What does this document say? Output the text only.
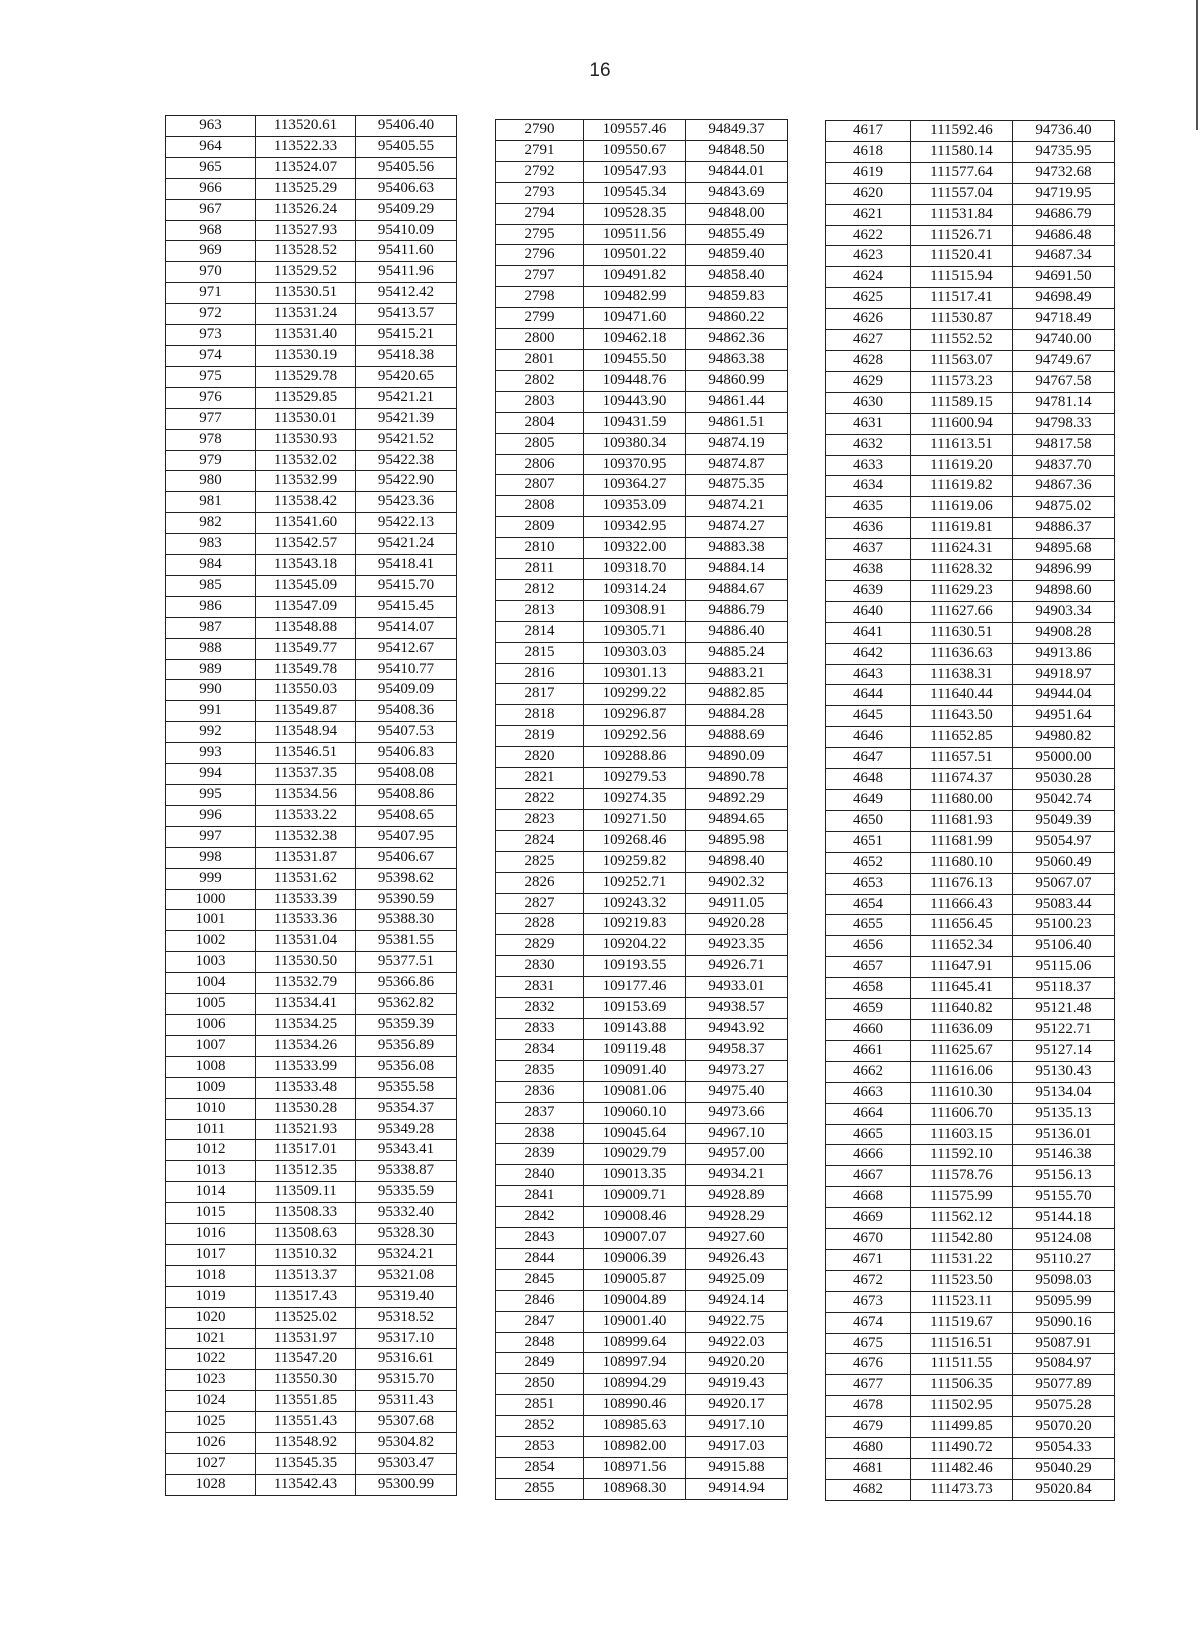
16
963	113520.61	95406.40
964	113522.33	95405.55
965	113524.07	95405.56
966	113525.29	95406.63
967	113526.24	95409.29
968	113527.93	95410.09
969	113528.52	95411.60
970	113529.52	95411.96
971	113530.51	95412.42
972	113531.24	95413.57
973	113531.40	95415.21
974	113530.19	95418.38
975	113529.78	95420.65
976	113529.85	95421.21
977	113530.01	95421.39
978	113530.93	95421.52
979	113532.02	95422.38
980	113532.99	95422.90
981	113538.42	95423.36
982	113541.60	95422.13
983	113542.57	95421.24
984	113543.18	95418.41
985	113545.09	95415.70
986	113547.09	95415.45
987	113548.88	95414.07
988	113549.77	95412.67
989	113549.78	95410.77
990	113550.03	95409.09
991	113549.87	95408.36
992	113548.94	95407.53
993	113546.51	95406.83
994	113537.35	95408.08
995	113534.56	95408.86
996	113533.22	95408.65
997	113532.38	95407.95
998	113531.87	95406.67
999	113531.62	95398.62
1000	113533.39	95390.59
1001	113533.36	95388.30
1002	113531.04	95381.55
1003	113530.50	95377.51
1004	113532.79	95366.86
1005	113534.41	95362.82
1006	113534.25	95359.39
1007	113534.26	95356.89
1008	113533.99	95356.08
1009	113533.48	95355.58
1010	113530.28	95354.37
1011	113521.93	95349.28
1012	113517.01	95343.41
1013	113512.35	95338.87
1014	113509.11	95335.59
1015	113508.33	95332.40
1016	113508.63	95328.30
1017	113510.32	95324.21
1018	113513.37	95321.08
1019	113517.43	95319.40
1020	113525.02	95318.52
1021	113531.97	95317.10
1022	113547.20	95316.61
1023	113550.30	95315.70
1024	113551.85	95311.43
1025	113551.43	95307.68
1026	113548.92	95304.82
1027	113545.35	95303.47
1028	113542.43	95300.99
2790	109557.46	94849.37
2791	109550.67	94848.50
2792	109547.93	94844.01
2793	109545.34	94843.69
2794	109528.35	94848.00
2795	109511.56	94855.49
2796	109501.22	94859.40
2797	109491.82	94858.40
2798	109482.99	94859.83
2799	109471.60	94860.22
2800	109462.18	94862.36
2801	109455.50	94863.38
2802	109448.76	94860.99
2803	109443.90	94861.44
2804	109431.59	94861.51
2805	109380.34	94874.19
2806	109370.95	94874.87
2807	109364.27	94875.35
2808	109353.09	94874.21
2809	109342.95	94874.27
2810	109322.00	94883.38
2811	109318.70	94884.14
2812	109314.24	94884.67
2813	109308.91	94886.79
2814	109305.71	94886.40
2815	109303.03	94885.24
2816	109301.13	94883.21
2817	109299.22	94882.85
2818	109296.87	94884.28
2819	109292.56	94888.69
2820	109288.86	94890.09
2821	109279.53	94890.78
2822	109274.35	94892.29
2823	109271.50	94894.65
2824	109268.46	94895.98
2825	109259.82	94898.40
2826	109252.71	94902.32
2827	109243.32	94911.05
2828	109219.83	94920.28
2829	109204.22	94923.35
2830	109193.55	94926.71
2831	109177.46	94933.01
2832	109153.69	94938.57
2833	109143.88	94943.92
2834	109119.48	94958.37
2835	109091.40	94973.27
2836	109081.06	94975.40
2837	109060.10	94973.66
2838	109045.64	94967.10
2839	109029.79	94957.00
2840	109013.35	94934.21
2841	109009.71	94928.89
2842	109008.46	94928.29
2843	109007.07	94927.60
2844	109006.39	94926.43
2845	109005.87	94925.09
2846	109004.89	94924.14
2847	109001.40	94922.75
2848	108999.64	94922.03
2849	108997.94	94920.20
2850	108994.29	94919.43
2851	108990.46	94920.17
2852	108985.63	94917.10
2853	108982.00	94917.03
2854	108971.56	94915.88
2855	108968.30	94914.94
4617	111592.46	94736.40
4618	111580.14	94735.95
4619	111577.64	94732.68
4620	111557.04	94719.95
4621	111531.84	94686.79
4622	111526.71	94686.48
4623	111520.41	94687.34
4624	111515.94	94691.50
4625	111517.41	94698.49
4626	111530.87	94718.49
4627	111552.52	94740.00
4628	111563.07	94749.67
4629	111573.23	94767.58
4630	111589.15	94781.14
4631	111600.94	94798.33
4632	111613.51	94817.58
4633	111619.20	94837.70
4634	111619.82	94867.36
4635	111619.06	94875.02
4636	111619.81	94886.37
4637	111624.31	94895.68
4638	111628.32	94896.99
4639	111629.23	94898.60
4640	111627.66	94903.34
4641	111630.51	94908.28
4642	111636.63	94913.86
4643	111638.31	94918.97
4644	111640.44	94944.04
4645	111643.50	94951.64
4646	111652.85	94980.82
4647	111657.51	95000.00
4648	111674.37	95030.28
4649	111680.00	95042.74
4650	111681.93	95049.39
4651	111681.99	95054.97
4652	111680.10	95060.49
4653	111676.13	95067.07
4654	111666.43	95083.44
4655	111656.45	95100.23
4656	111652.34	95106.40
4657	111647.91	95115.06
4658	111645.41	95118.37
4659	111640.82	95121.48
4660	111636.09	95122.71
4661	111625.67	95127.14
4662	111616.06	95130.43
4663	111610.30	95134.04
4664	111606.70	95135.13
4665	111603.15	95136.01
4666	111592.10	95146.38
4667	111578.76	95156.13
4668	111575.99	95155.70
4669	111562.12	95144.18
4670	111542.80	95124.08
4671	111531.22	95110.27
4672	111523.50	95098.03
4673	111523.11	95095.99
4674	111519.67	95090.16
4675	111516.51	95087.91
4676	111511.55	95084.97
4677	111506.35	95077.89
4678	111502.95	95075.28
4679	111499.85	95070.20
4680	111490.72	95054.33
4681	111482.46	95040.29
4682	111473.73	95020.84
